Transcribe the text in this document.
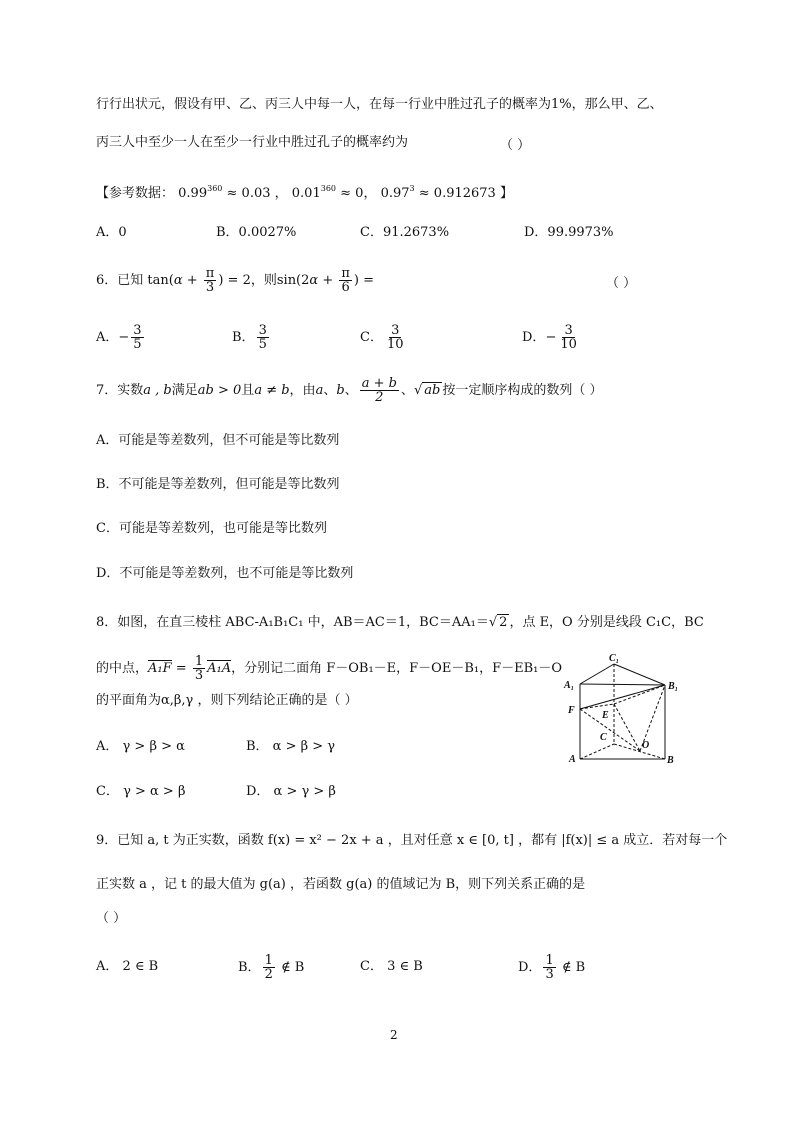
行行出状元，假设有甲、乙、丙三人中每一人，在每一行业中胜过孔子的概率为1%，那么甲、乙、
丙三人中至少一人在至少一行业中胜过孔子的概率约为	（ ）
【参考数据： $0.99^{360} \approx 0.03$ ， $0.01^{360} \approx 0$， $0.97^3 \approx 0.912673$ 】
A．0	B．0.0027%	C．91.2673%	D．99.9973%
6．已知 $\tan(\alpha + \frac{\pi}{3}$ ) = 2，则$\sin(2\alpha + \frac{\pi}{6}$ ) =	（ ）
A．− $\frac{3}{5}$	B． $\frac{3}{5}$	C． $\frac{3}{10}$	D．− $\frac{3}{10}$
7．实数a , b满足ab > 0且a ≠ b，由a、b、 $\frac{a + b}{2}$ 、√ ab 按一定顺序构成的数列（ ）
A．可能是等差数列，但不可能是等比数列
B．不可能是等差数列，但可能是等比数列
C．可能是等差数列，也可能是等比数列
D．不可能是等差数列，也不可能是等比数列
8．如图，在直三棱柱 ABC-A₁B₁C₁ 中，AB＝AC＝1，BC＝AA₁＝√ 2 ，点 E，O 分别是线段 C₁C，BC
的中点，$A_1F = \frac{1}{3} A_1A$，分别记二面角 F－OB₁－E，F－OE－B₁，F－EB₁－O
的平面角为α,β,γ ，则下列结论正确的是（ ）
A． γ > β > α	B． α > β > γ
C． γ > α > β	D． α > γ > β
C₁
A₁	B₁
F	E
C
O
A	B
9．已知 a, t 为正实数，函数 f(x) = x² − 2x + a ，且对任意 x ∈ [0, t] ，都有 |f(x)| ≤ a 成立．若对每一个
正实数 a ，记 t 的最大值为 g(a) ，若函数 g(a) 的值域记为 B，则下列关系正确的是
（ ）
A． 2 ∈ B	B． $\frac{1}{2}$ ∉ B	C． 3 ∈ B	D． $\frac{1}{3}$ ∉ B
2
